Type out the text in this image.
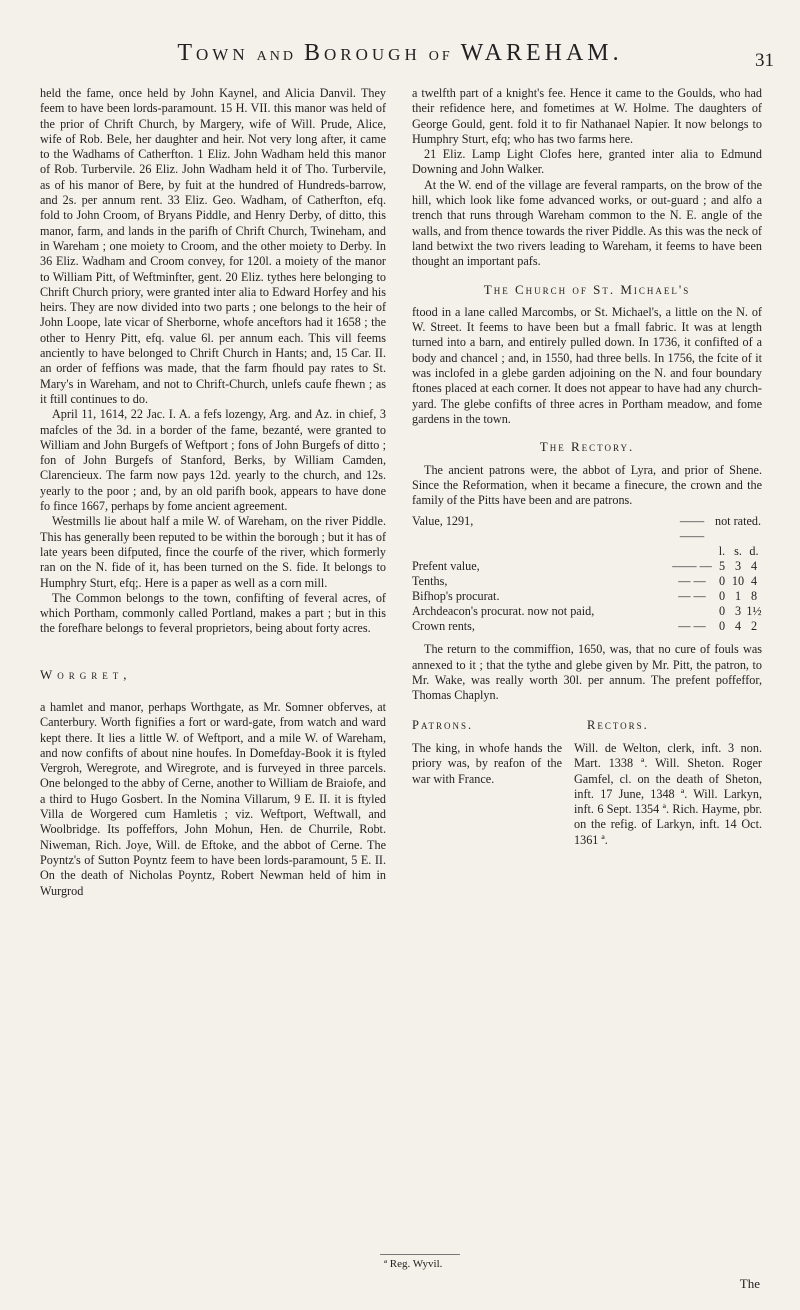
Town and Borough of WAREHAM.	31

held the fame, once held by John Kaynel, and Alicia Danvil. They feem to have been lords-paramount. 15 H. VII. this manor was held of the prior of Chrift Church, by Margery, wife of Will. Prude, Alice, wife of Rob. Bele, her daughter and heir. Not very long after, it came to the Wadhams of Catherfton. 1 Eliz. John Wadham held this manor of Rob. Turbervile. 26 Eliz. John Wadham held it of Tho. Turbervile, as of his manor of Bere, by fuit at the hundred of Hundreds-barrow, and 2s. per annum rent. 33 Eliz. Geo. Wadham, of Catherfton, efq. fold to John Croom, of Bryans Piddle, and Henry Derby, of ditto, this manor, farm, and lands in the parifh of Chrift Church, Twineham, and in Wareham ; one moiety to Croom, and the other moiety to Derby. In 36 Eliz. Wadham and Croom convey, for 120l. a moiety of the manor to William Pitt, of Weftminfter, gent. 20 Eliz. tythes here belonging to Chrift Church priory, were granted inter alia to Edward Horfey and his heirs. They are now divided into two parts ; one belongs to the heir of John Loope, late vicar of Sherborne, whofe anceftors had it 1658 ; the other to Henry Pitt, efq. value 6l. per annum each. This vill feems anciently to have belonged to Chrift Church in Hants; and, 15 Car. II. an order of feffions was made, that the farm fhould pay rates to St. Mary's in Wareham, and not to Chrift-Church, unlefs caufe fhewn ; as it ftill continues to do.

April 11, 1614, 22 Jac. I. A. a fefs lozengy, Arg. and Az. in chief, 3 mafcles of the 3d. in a border of the fame, bezanté, were granted to William and John Burgefs of Weftport ; fons of John Burgefs of ditto ; fon of John Burgefs of Stanford, Berks, by William Camden, Clarencieux. The farm now pays 12d. yearly to the church, and 12s. yearly to the poor ; and, by an old parifh book, appears to have done fo fince 1667, perhaps by fome ancient agreement.

Westmills lie about half a mile W. of Wareham, on the river Piddle. This has generally been reputed to be within the borough ; but it has of late years been difputed, fince the courfe of the river, which formerly ran on the N. fide of it, has been turned on the S. fide. It belongs to Humphry Sturt, efq;. Here is a paper as well as a corn mill.

The Common belongs to the town, confifting of feveral acres, of which Portham, commonly called Portland, makes a part ; but in this the forefhare belongs to feveral proprietors, being about forty acres.

Worgret,

a hamlet and manor, perhaps Worthgate, as Mr. Somner obferves, at Canterbury. Worth fignifies a fort or ward-gate, from watch and ward kept there. It lies a little W. of Weftport, and a mile W. of Wareham, and now confifts of about nine houfes. In Domefday-Book it is ftyled Vergroh, Weregrote, and Wiregrote, and is furveyed in three parcels. One belonged to the abby of Cerne, another to William de Braiofe, and a third to Hugo Gosbert. In the Nomina Villarum, 9 E. II. it is ftyled Villa de Worgered cum Hamletis ; viz. Weftport, Weftwall, and Woolbridge. Its poffeffors, John Mohun, Hen. de Churrile, Robt. Niweman, Rich. Joye, Will. de Eftoke, and the abbot of Cerne. The Poyntz's of Sutton Poyntz feem to have been lords-paramount, 5 E. II. On the death of Nicholas Poyntz, Robert Newman held of him in Wurgrod

a twelfth part of a knight's fee. Hence it came to the Goulds, who had their refidence here, and fometimes at W. Holme. The daughters of George Gould, gent. fold it to fir Nathanael Napier. It now belongs to Humphry Sturt, efq; who has two farms here.

21 Eliz. Lamp Light Clofes here, granted inter alia to Edmund Downing and John Walker.

At the W. end of the village are feveral ramparts, on the brow of the hill, which look like fome advanced works, or out-guard ; and alfo a trench that runs through Wareham common to the N. E. angle of the walls, and from thence towards the river Piddle. As this was the neck of land betwixt the two rivers leading to Wareham, it feems to have been thought an important pafs.

The Church of St. Michael's

ftood in a lane called Marcombs, or St. Michael's, a little on the N. of W. Street. It feems to have been but a fmall fabric. It was at length turned into a barn, and entirely pulled down. In 1736, it confifted of a body and chancel ; and, in 1550, had three bells. In 1756, the fcite of it was inclofed in a glebe garden adjoining on the N. and four boundary ftones placed at each corner. It does not appear to have had any church-yard. The glebe confifts of three acres in Portham meadow, and fome gardens in the town.

The Rectory.

The ancient patrons were, the abbot of Lyra, and prior of Shene. Since the Reformation, when it became a finecure, the crown and the family of the Pitts have been and are patrons.

Value, 1291,	—— ——	not rated.		
		l.	s.	d.
Prefent value,	—— —	5	3	4
Tenths,	— —	0	10	4
Bifhop's procurat.	— —	0	1	8
Archdeacon's procurat. now not paid,		0	3	1½
Crown rents,	— —	0	4	2

The return to the commiffion, 1650, was, that no cure of fouls was annexed to it ; that the tythe and glebe given by Mr. Pitt, the patron, to Mr. Wake, was really worth 30l. per annum. The prefent poffeffor, Thomas Chaplyn.

Patrons.	Rectors.
The king, in whofe hands the priory was, by reafon of the war with France.
Will. de Welton, clerk, inft. 3 non. Mart. 1338 ª. Will. Sheton. Roger Gamfel, cl. on the death of Sheton, inft. 17 June, 1348 ª. Will. Larkyn, inft. 6 Sept. 1354 ª. Rich. Hayme, pbr. on the refig. of Larkyn, inft. 14 Oct. 1361 ª.
ª Reg. Wyvil.
The
